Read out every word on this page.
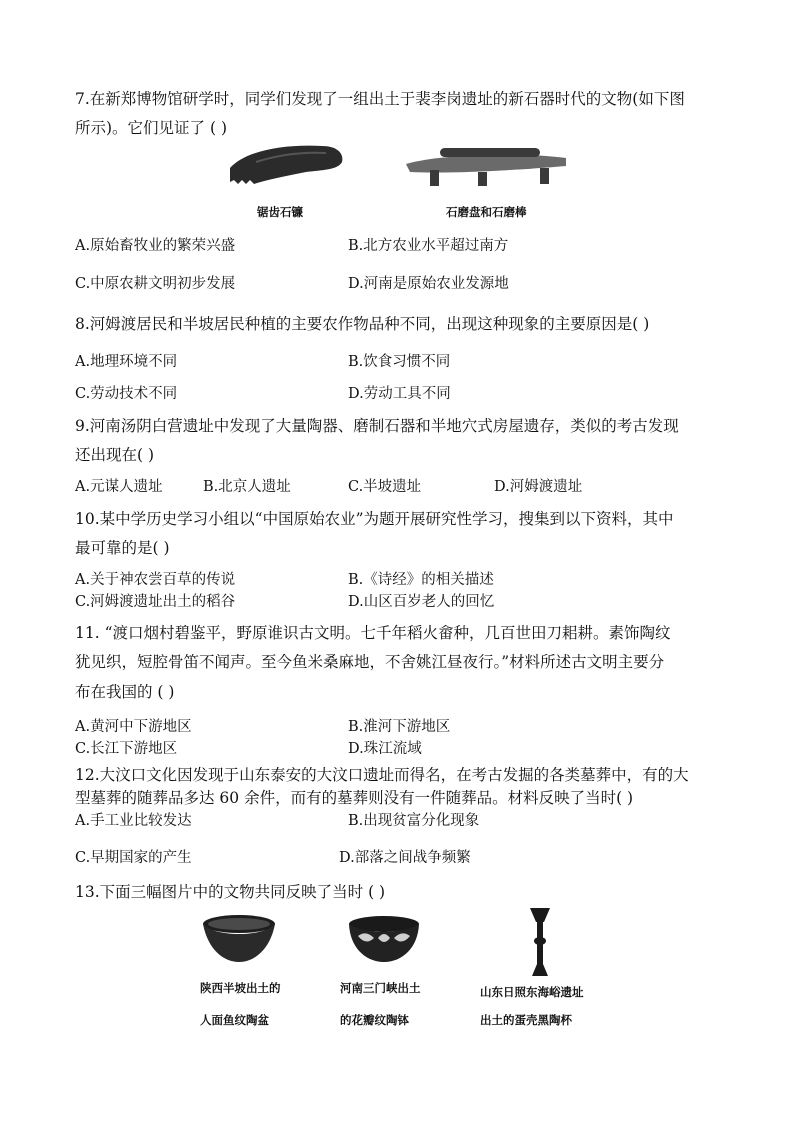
7.在新郑博物馆研学时，同学们发现了一组出土于裴李岗遗址的新石器时代的文物(如下图
所示)。它们见证了 ( )
锯齿石镰	石磨盘和石磨棒
A.原始畜牧业的繁荣兴盛	B.北方农业水平超过南方
C.中原农耕文明初步发展	D.河南是原始农业发源地
8.河姆渡居民和半坡居民种植的主要农作物品种不同，出现这种现象的主要原因是( )
A.地理环境不同	B.饮食习惯不同
C.劳动技术不同	D.劳动工具不同
9.河南汤阴白营遗址中发现了大量陶器、磨制石器和半地穴式房屋遗存，类似的考古发现
还出现在( )
A.元谋人遗址	B.北京人遗址	C.半坡遗址	D.河姆渡遗址
10.某中学历史学习小组以“中国原始农业”为题开展研究性学习，搜集到以下资料，其中
最可靠的是( )
A.关于神农尝百草的传说	B.《诗经》的相关描述
C.河姆渡遗址出土的稻谷	D.山区百岁老人的回忆
11. “渡口烟村碧鉴平，野原谁识古文明。七千年稻火畲种，几百世田刀耜耕。素饰陶纹
犹见织，短腔骨笛不闻声。至今鱼米桑麻地，不舍姚江昼夜行。”材料所述古文明主要分
布在我国的 ( )
A.黄河中下游地区	B.淮河下游地区
C.长江下游地区	D.珠江流域
12.大汶口文化因发现于山东泰安的大汶口遗址而得名，在考古发掘的各类墓葬中，有的大
型墓葬的随葬品多达 60 余件，而有的墓葬则没有一件随葬品。材料反映了当时( )
A.手工业比较发达	B.出现贫富分化现象
C.早期国家的产生	D.部落之间战争频繁
13.下面三幅图片中的文物共同反映了当时 ( )
陕西半坡出土的
人面鱼纹陶盆
河南三门峡出土
的花瓣纹陶钵
山东日照东海峪遗址
出土的蛋壳黑陶杯
